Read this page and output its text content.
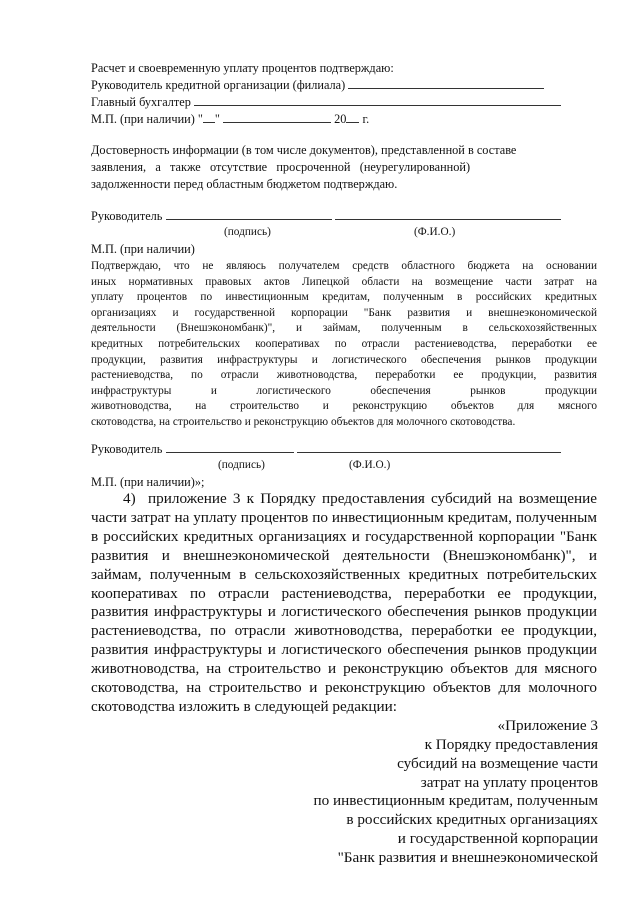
Расчет и своевременную уплату процентов подтверждаю:
Руководитель кредитной организации (филиала)
Главный бухгалтер
М.П. (при наличии) " "	20 г.
Достоверность информации (в том числе документов), представленной в составе
заявления,   а   также   отсутствие   просроченной   (неурегулированной)
задолженности перед областным бюджетом подтверждаю.
Руководитель
(подпись)	(Ф.И.О.)
М.П. (при наличии)
Подтверждаю, что не являюсь получателем средств областного бюджета на основании
иных нормативных правовых актов Липецкой области на возмещение части затрат на
уплату процентов по инвестиционным кредитам, полученным в российских кредитных
организациях и государственной корпорации "Банк развития и внешнеэкономической
деятельности (Внешэкономбанк)", и займам, полученным в сельскохозяйственных
кредитных потребительских кооперативах по отрасли растениеводства, переработки ее
продукции, развития инфраструктуры и логистического обеспечения рынков продукции
растениеводства, по отрасли животноводства, переработки ее продукции, развития
инфраструктуры и логистического обеспечения рынков продукции
животноводства, на строительство и реконструкцию объектов для мясного
скотоводства, на строительство и реконструкцию объектов для молочного скотоводства.
Руководитель
(подпись)	(Ф.И.О.)
М.П. (при наличии)»;
4)  приложение 3 к Порядку предоставления субсидий на возмещение
части затрат на уплату процентов по инвестиционным кредитам, полученным
в российских кредитных организациях и государственной корпорации "Банк
развития и внешнеэкономической деятельности (Внешэкономбанк)", и
займам, полученным в сельскохозяйственных кредитных потребительских
кооперативах по отрасли растениеводства, переработки ее продукции,
развития инфраструктуры и логистического обеспечения рынков продукции
растениеводства, по отрасли животноводства, переработки ее продукции,
развития инфраструктуры и логистического обеспечения рынков продукции
животноводства, на строительство и реконструкцию объектов для мясного
скотоводства, на строительство и реконструкцию объектов для молочного
скотоводства изложить в следующей редакции:
«Приложение 3
к Порядку предоставления
субсидий на возмещение части
затрат на уплату процентов
по инвестиционным кредитам, полученным
в российских кредитных организациях
и государственной корпорации
"Банк развития и внешнеэкономической
